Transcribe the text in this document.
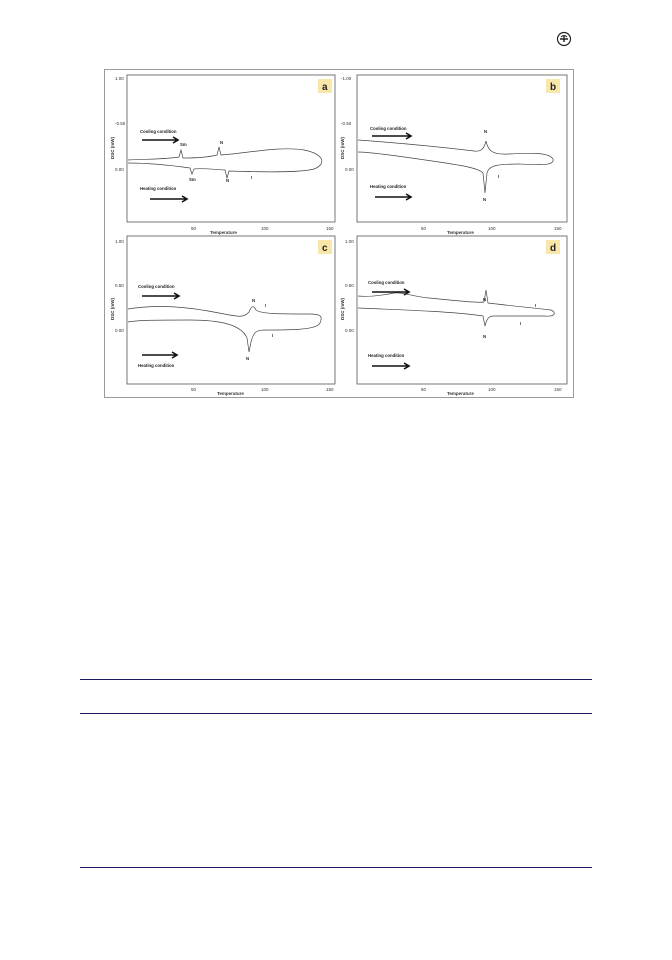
1.00
-0.50
0.00
50	100	150
Temperature
DSC (mW)
a
Cooling condition
Heating condition
Sm	N
Sm	N
I
-1.00
-0.50
0.00
50	100	150
Temperature
DSC (mW)
b
Cooling condition
Heating condition
N
N
I
1.00
0.50
0.00
50	100	150
Temperature
DSC (mW)
c
Cooling condition
Heating condition
N
I
I
N
1.00
0.50
0.00
50	100	150
Temperature
DSC (mW)
d
Cooling condition
Heating condition
N
I
I
N
